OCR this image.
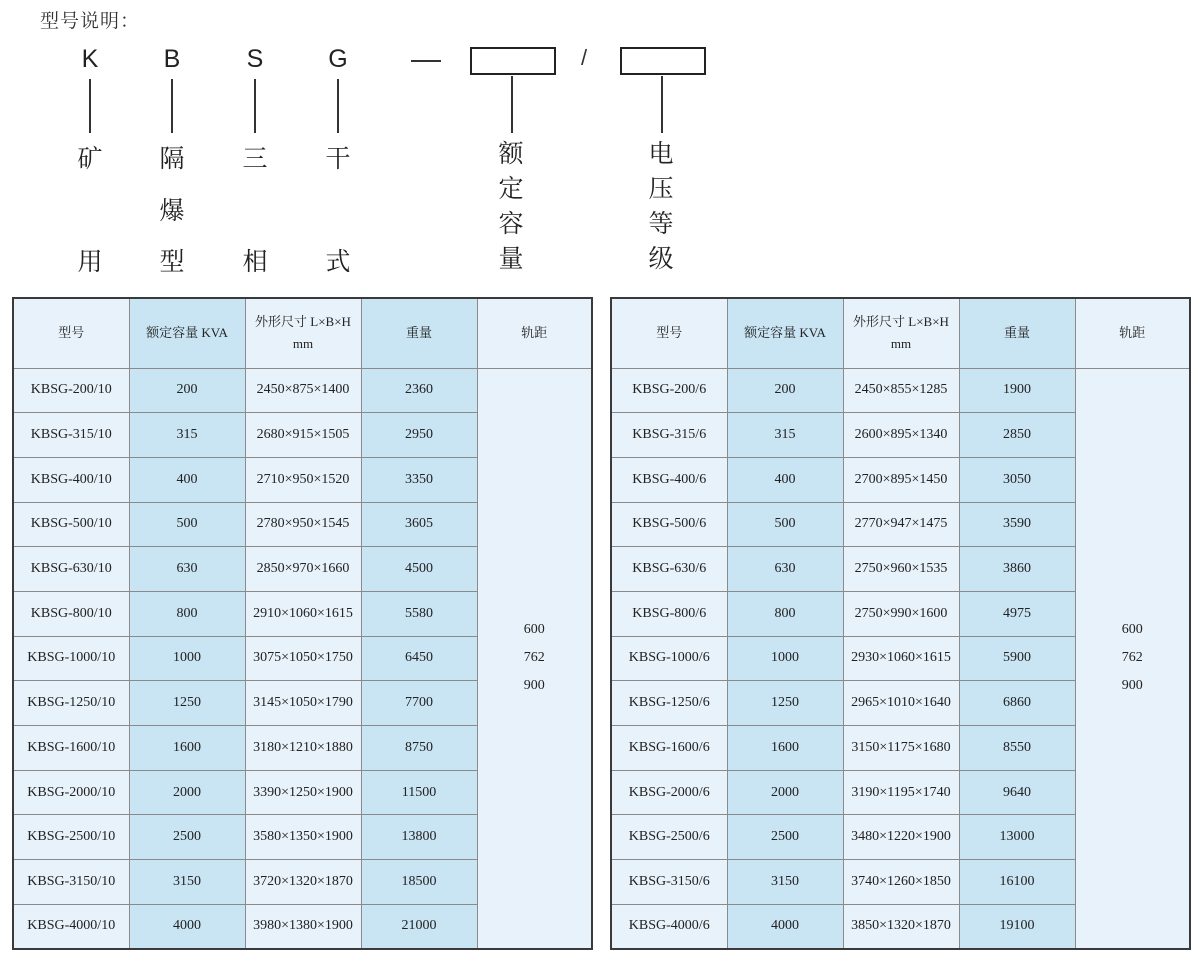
型号说明：
K	B	S	G	/
矿
用
隔
爆
型
三
相
干
式
额
定
容
量
电
压
等
级
型号	额定容量 KVA	外形尺寸 L×B×H
mm	重量	轨距
KBSG-200/10	200	2450×875×1400	2360	600
762
900

KBSG-315/10	315	2680×915×1505	2950	
KBSG-400/10	400	2710×950×1520	3350	
KBSG-500/10	500	2780×950×1545	3605	
KBSG-630/10	630	2850×970×1660	4500	
KBSG-800/10	800	2910×1060×1615	5580	
KBSG-1000/10	1000	3075×1050×1750	6450	
KBSG-1250/10	1250	3145×1050×1790	7700	
KBSG-1600/10	1600	3180×1210×1880	8750	
KBSG-2000/10	2000	3390×1250×1900	11500	
KBSG-2500/10	2500	3580×1350×1900	13800	
KBSG-3150/10	3150	3720×1320×1870	18500	
KBSG-4000/10	4000	3980×1380×1900	21000	
型号	额定容量 KVA	外形尺寸 L×B×H
mm	重量	轨距
KBSG-200/6	200	2450×855×1285	1900	600
762
900

KBSG-315/6	315	2600×895×1340	2850	
KBSG-400/6	400	2700×895×1450	3050	
KBSG-500/6	500	2770×947×1475	3590	
KBSG-630/6	630	2750×960×1535	3860	
KBSG-800/6	800	2750×990×1600	4975	
KBSG-1000/6	1000	2930×1060×1615	5900	
KBSG-1250/6	1250	2965×1010×1640	6860	
KBSG-1600/6	1600	3150×1175×1680	8550	
KBSG-2000/6	2000	3190×1195×1740	9640	
KBSG-2500/6	2500	3480×1220×1900	13000	
KBSG-3150/6	3150	3740×1260×1850	16100	
KBSG-4000/6	4000	3850×1320×1870	19100	
